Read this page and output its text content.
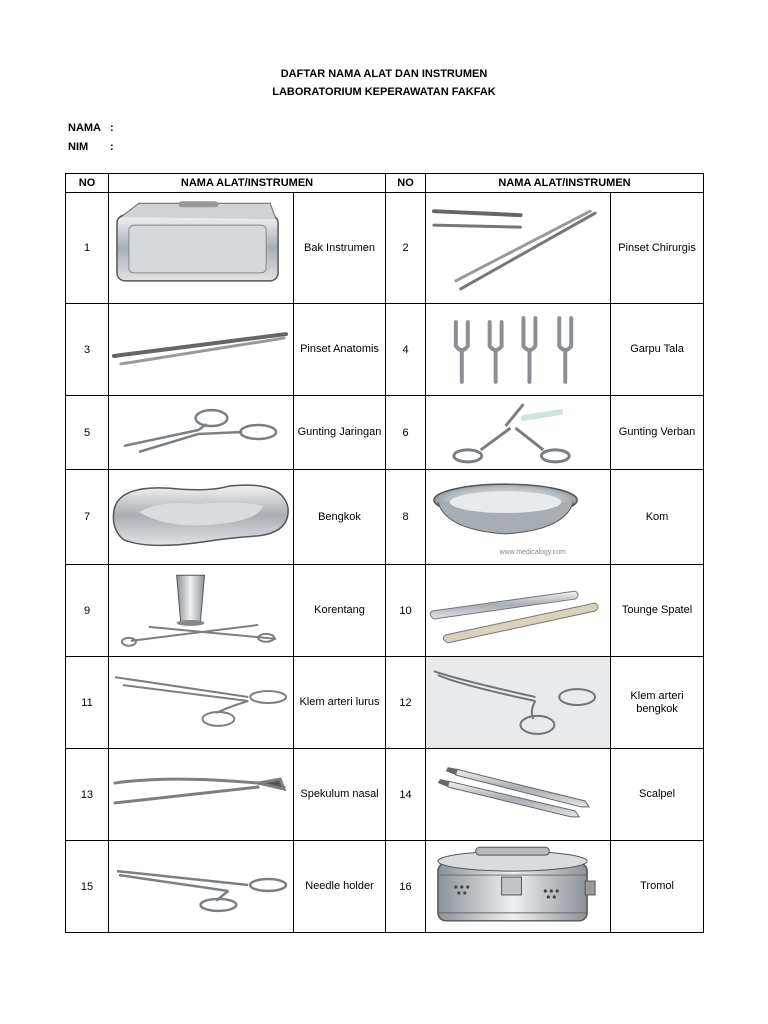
DAFTAR NAMA ALAT DAN INSTRUMEN
LABORATORIUM KEPERAWATAN FAKFAK
NAMA :
NIM :
NO	NAMA ALAT/INSTRUMEN		NO	NAMA ALAT/INSTRUMEN	
1		Bak Instrumen	2		Pinset Chirurgis
3		Pinset Anatomis	4		Garpu Tala
5		Gunting Jaringan	6		Gunting Verban
7		Bengkok	8	www.medicalogy.com	Kom
9		Korentang	10		Tounge Spatel
11		Klem arteri lurus	12		Klem arteri bengkok
13		Spekulum nasal	14		Scalpel
15		Needle holder	16		Tromol
